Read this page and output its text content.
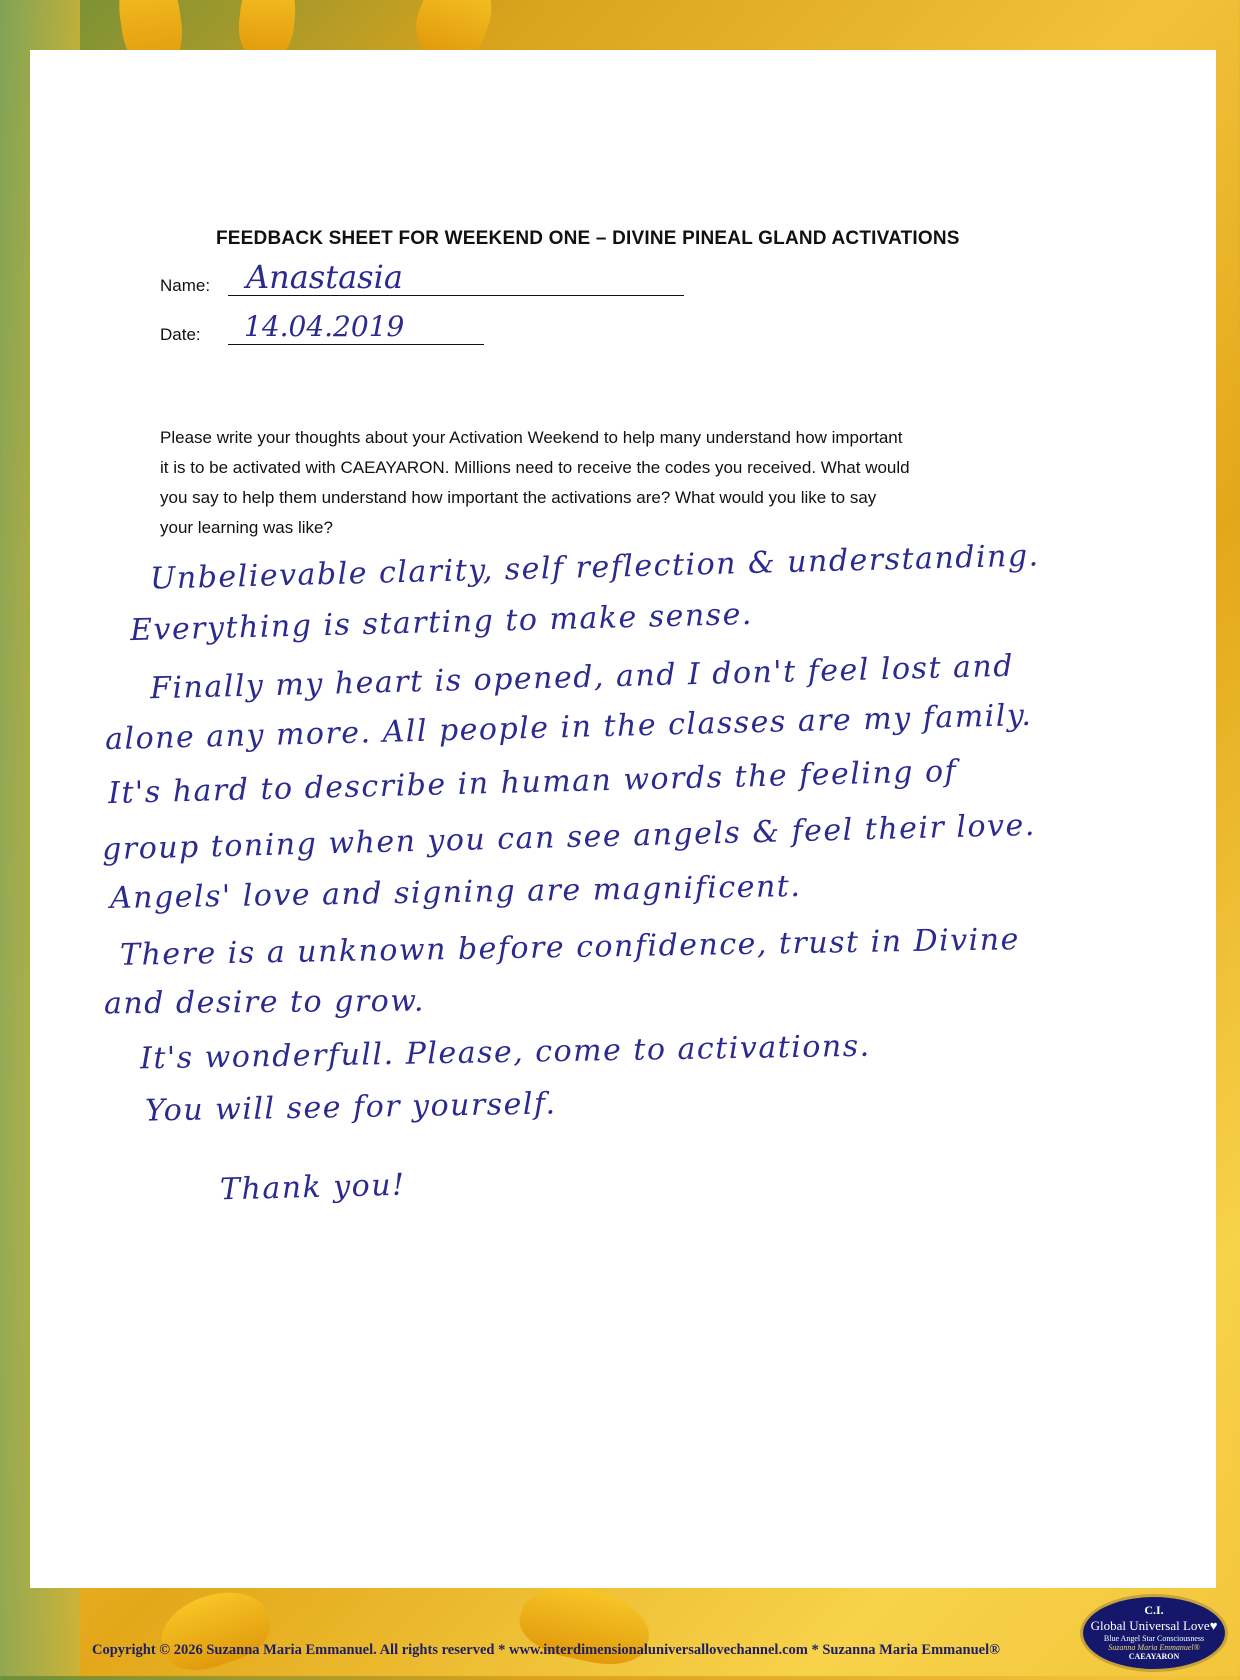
FEEDBACK SHEET FOR WEEKEND ONE – DIVINE PINEAL GLAND ACTIVATIONS
Name: Anastasia
Date: 14.04.2019
Please write your thoughts about your Activation Weekend to help many understand how important
it is to be activated with CAEAYARON. Millions need to receive the codes you received. What would
you say to help them understand how important the activations are? What would you like to say
your learning was like?
Unbelievable clarity, self reflection & understanding.
Everything is starting to make sense.
Finally my heart is opened, and I don't feel lost and
alone any more. All people in the classes are my family.
It's hard to describe in human words the feeling of
group toning when you can see angels & feel their love.
Angels' love and signing are magnificent.
There is a unknown before confidence, trust in Divine
and desire to grow.
It's wonderfull. Please, come to activations.
You will see for yourself.
Thank you!
Copyright © 2026 Suzanna Maria Emmanuel. All rights reserved * www.interdimensionaluniversallovechannel.com * Suzanna Maria Emmanuel®
C.I.
Global Universal Love♥
Blue Angel Star Consciousness
Suzanna Maria Emmanuel®
CAEAYARON
